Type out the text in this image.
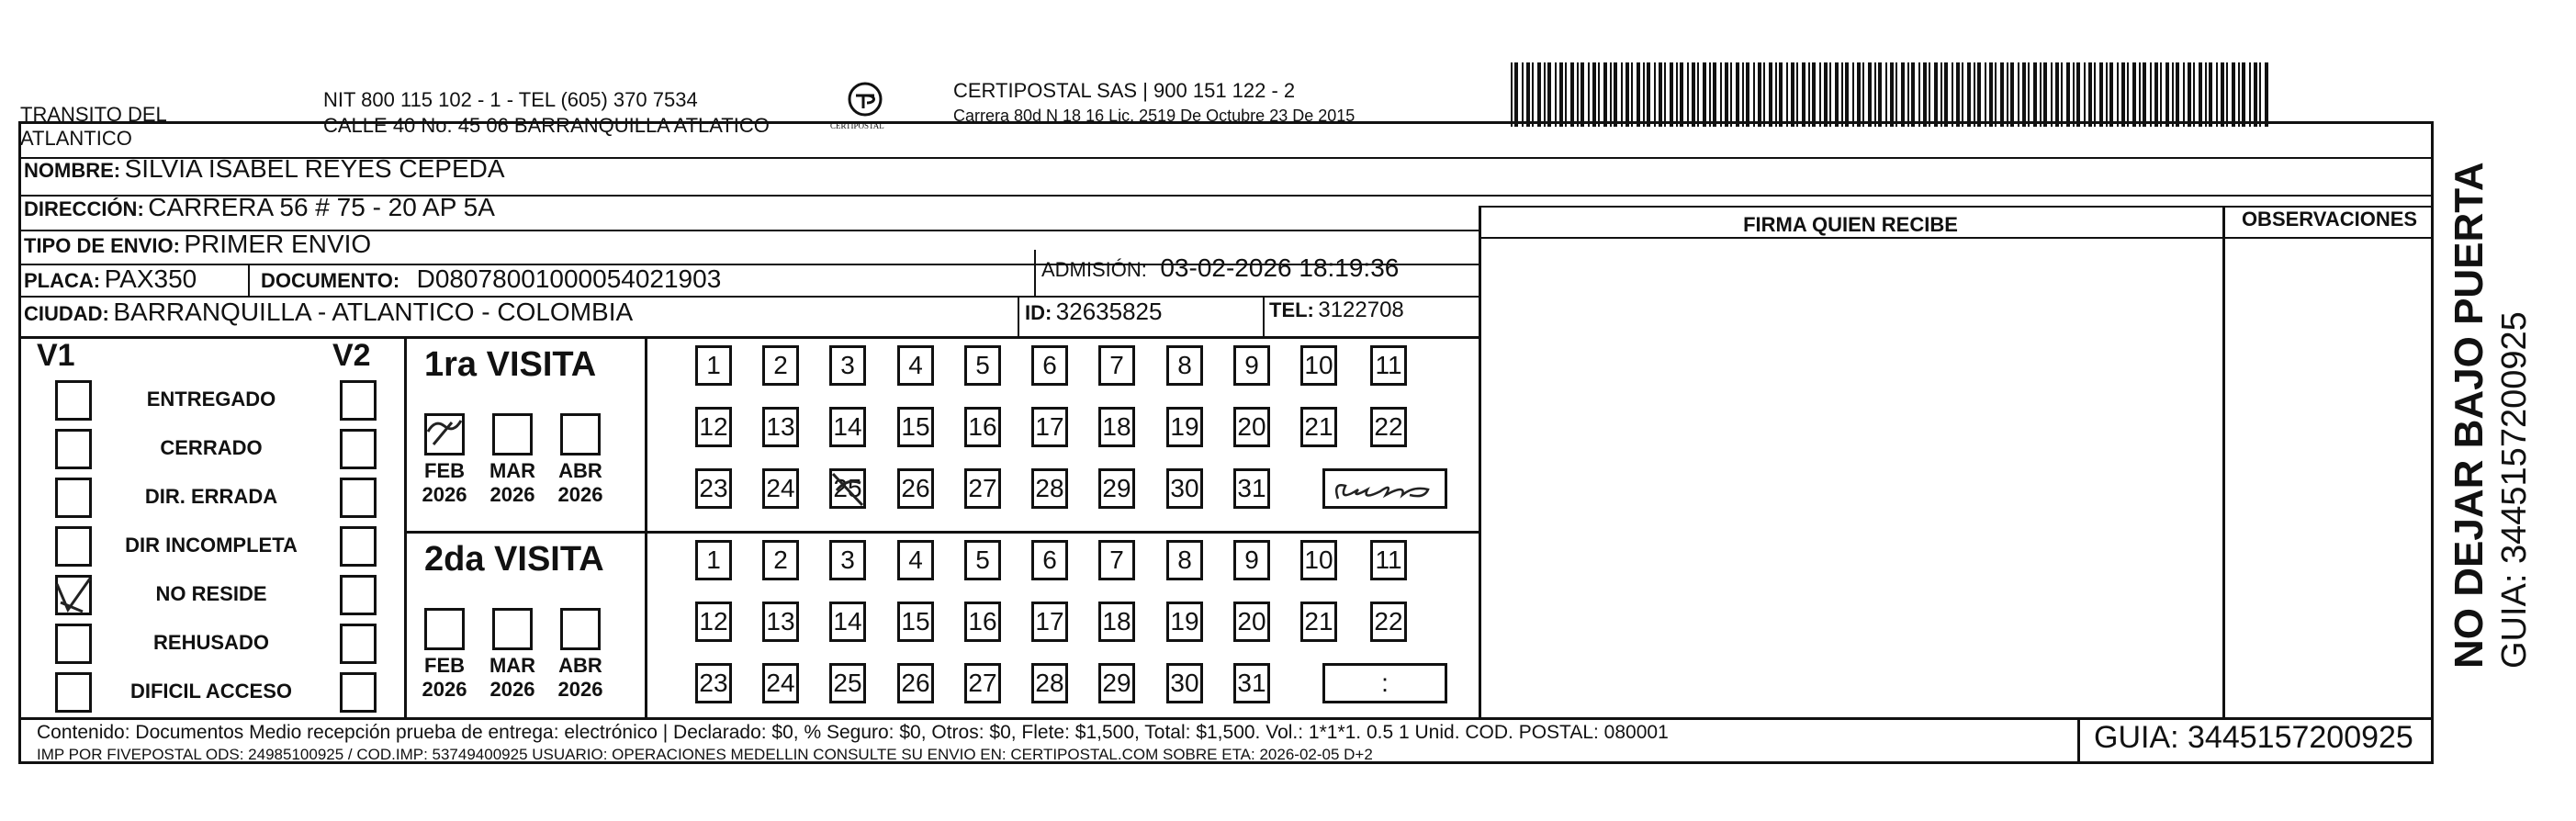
TRANSITO DEL
ATLANTICO
NIT 800 115 102 - 1 - TEL (605) 370 7534
CALLE 40 No. 45 06 BARRANQUILLA ATLATICO	CERTIPOSTAL
CERTIPOSTAL SAS | 900 151 122 - 2
Carrera 80d N 18 16 Lic. 2519 De Octubre 23 De 2015
NOMBRE: SILVIA ISABEL REYES CEPEDA
DIRECCIÓN: CARRERA 56 # 75 - 20 AP 5A
TIPO DE ENVIO: PRIMER ENVIO
PLACA: PAX350	DOCUMENTO: D08078001000054021903	ADMISIÓN: 03-02-2026 18:19:36
CIUDAD: BARRANQUILLA - ATLANTICO - COLOMBIA	ID: 32635825	TEL: 3122708
FIRMA QUIEN RECIBE	OBSERVACIONES
V1	V2
ENTREGADO
CERRADO
DIR. ERRADA
DIR INCOMPLETA
NO RESIDE
REHUSADO
DIFICIL ACCESO
1ra VISITA
FEB
2026
MAR
2026
ABR
2026
1	2	3	4	5	6	7	8	9	10 11
12 13 14 15 16 17 18 19 20 21 22
23 24 25 26 27 28 29 30 31
2da VISITA
FEB
2026
MAR
2026
ABR
2026
1	2	3	4	5	6	7	8	9	10 11
12 13 14 15 16 17 18 19 20 21 22
23 24 25 26 27 28 29 30 31	:
Contenido: Documentos Medio recepción prueba de entrega: electrónico | Declarado: $0, % Seguro: $0, Otros: $0, Flete: $1,500, Total: $1,500. Vol.: 1*1*1. 0.5 1 Unid. COD. POSTAL: 080001
IMP POR FIVEPOSTAL ODS: 24985100925 / COD.IMP: 53749400925 USUARIO: OPERACIONES MEDELLIN CONSULTE SU ENVIO EN: CERTIPOSTAL.COM SOBRE ETA: 2026-02-05 D+2	GUIA: 3445157200925
NO DEJAR BAJO PUERTA GUIA: 3445157200925
